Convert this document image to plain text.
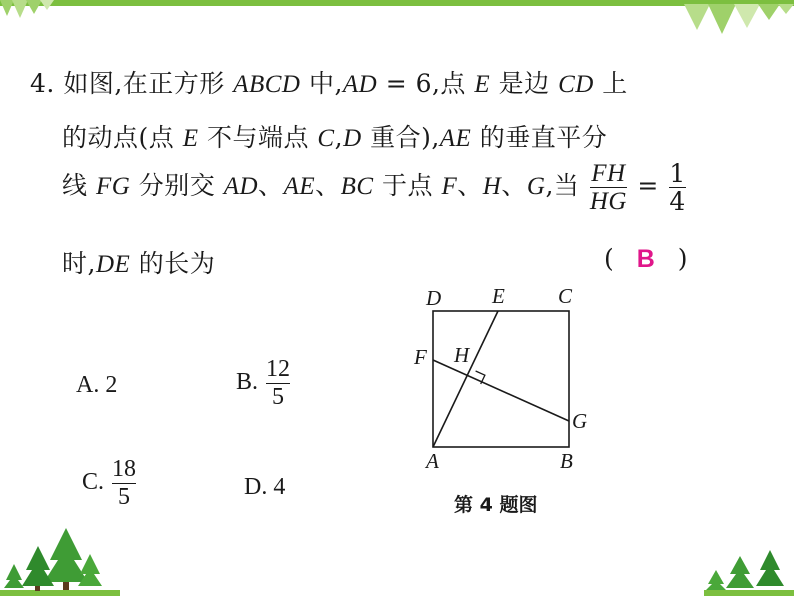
4. 如图,在正方形 ABCD 中,AD = 6,点 E 是边 CD 上
的动点(点 E 不与端点 C,D 重合),AE 的垂直平分
线 FG 分别交 AD、AE、BC 于点 F、H、G,当 $\frac{FH}{HG} = \frac{1}{4}$
时,DE 的长为	( B )
A. 2	B. $\frac{12}{5}$
C. $\frac{18}{5}$	D. 4
D E	C
F H
G
A	B
第 4 题图
